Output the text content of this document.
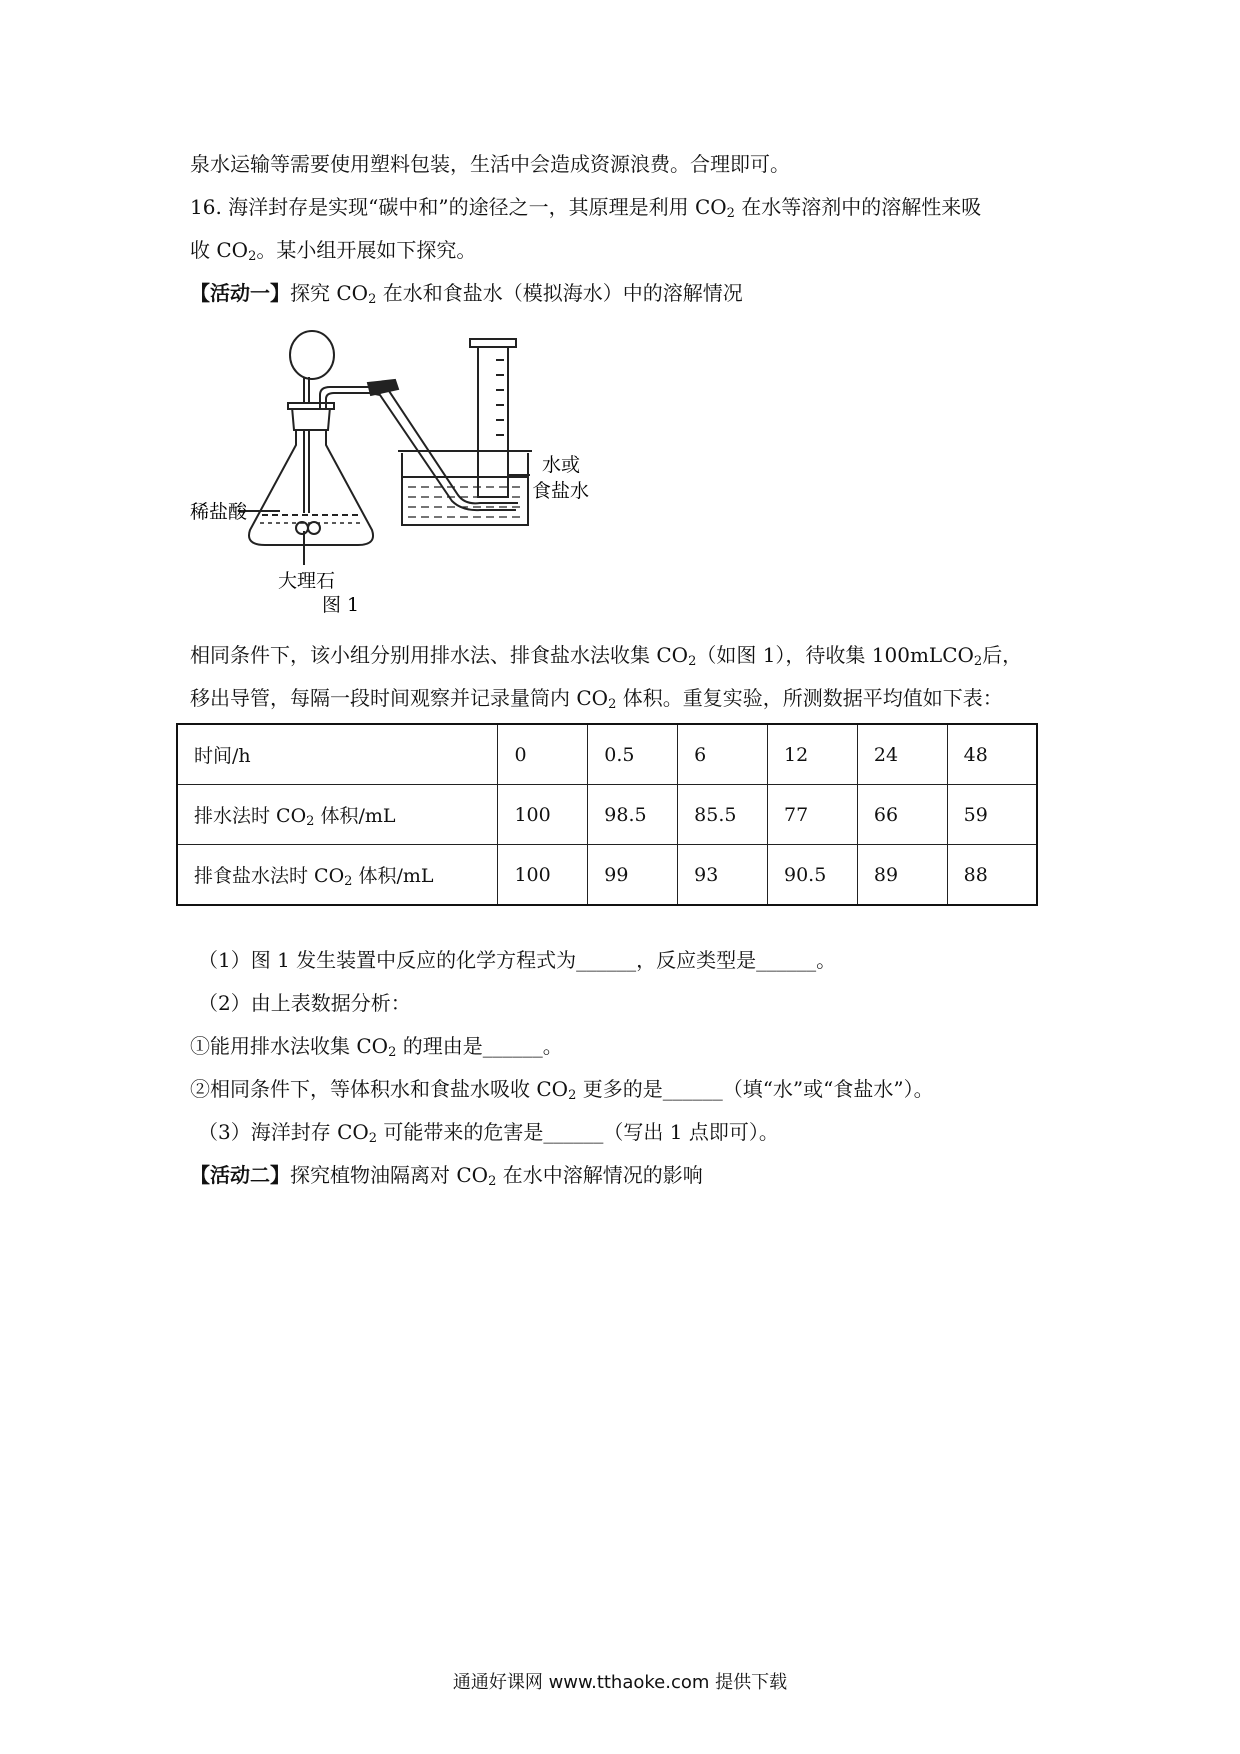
泉水运输等需要使用塑料包装，生活中会造成资源浪费。合理即可。
16. 海洋封存是实现“碳中和”的途径之一，其原理是利用 $CO_2$ 在水等溶剂中的溶解性来吸
收 $CO_2$。某小组开展如下探究。
【活动一】探究 $CO_2$ 在水和食盐水（模拟海水）中的溶解情况
稀盐酸
大理石
水或
食盐水
图 1
相同条件下，该小组分别用排水法、排食盐水法收集 $CO_2$（如图 1），待收集 100mLCO$_2$后，
移出导管，每隔一段时间观察并记录量筒内 $CO_2$ 体积。重复实验，所测数据平均值如下表：
时间/h	0	0.5	6	12	24	48
排水法时 $CO_2$ 体积/mL	100	98.5	85.5	77	66	59
排食盐水法时 $CO_2$ 体积/mL	100	99	93	90.5	89	88
（1）图 1 发生装置中反应的化学方程式为______，反应类型是______。
（2）由上表数据分析：
①能用排水法收集 $CO_2$ 的理由是______。
②相同条件下，等体积水和食盐水吸收 $CO_2$ 更多的是______（填“水”或“食盐水”）。
（3）海洋封存 $CO_2$ 可能带来的危害是______（写出 1 点即可）。
【活动二】探究植物油隔离对 $CO_2$ 在水中溶解情况的影响
通通好课网 www.tthaoke.com 提供下载
